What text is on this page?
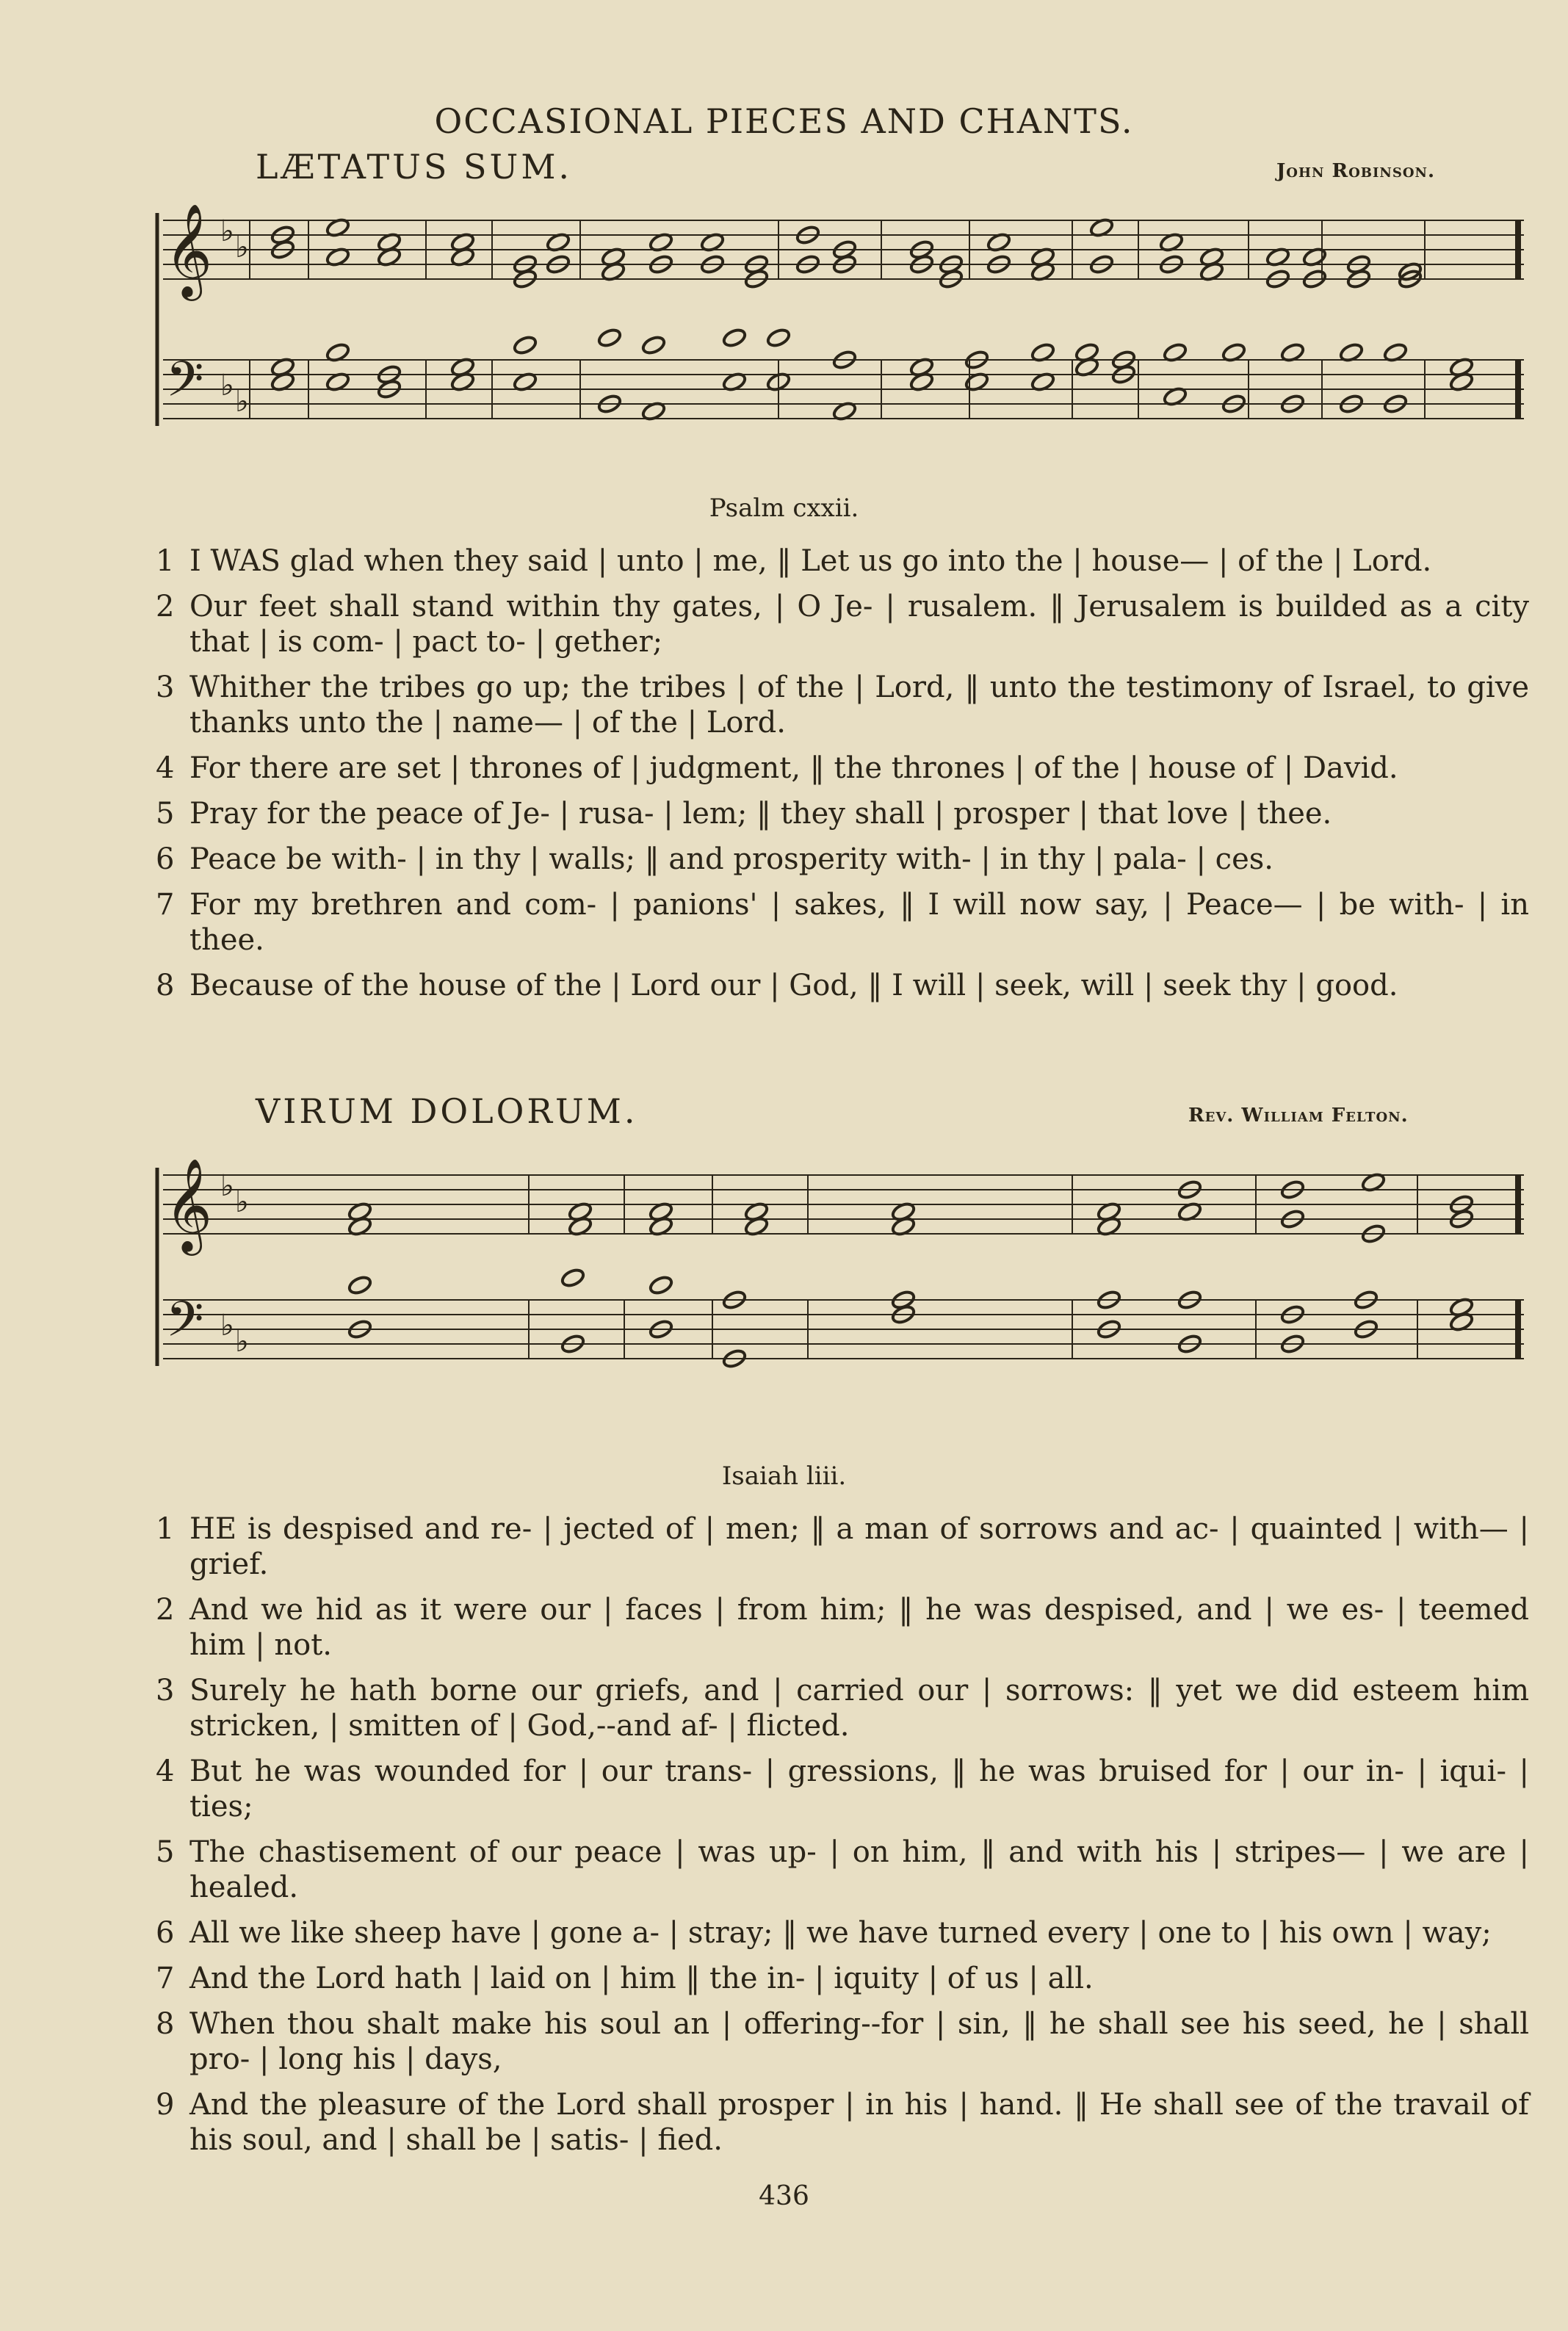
OCCASIONAL PIECES AND CHANTS.
LÆTATUS SUM.	John Robinson.
𝄞
𝄢
♭ ♭
♭ ♭
Psalm cxxii.
1 I WAS glad when they said | unto | me, ‖ Let us go into the | house— | of the | Lord.
2 Our feet shall stand within thy gates, | O Je- | rusalem. ‖ Jerusalem is builded as a city that | is com- | pact to- | gether;
3 Whither the tribes go up; the tribes | of the | Lord, ‖ unto the testimony of Israel, to give thanks unto the | name— | of the | Lord.
4 For there are set | thrones of | judgment, ‖ the thrones | of the | house of | David.
5 Pray for the peace of Je- | rusa- | lem; ‖ they shall | prosper | that love | thee.
6 Peace be with- | in thy | walls; ‖ and prosperity with- | in thy | pala- | ces.
7 For my brethren and com- | panions' | sakes, ‖ I will now say, | Peace— | be with- | in thee.
8 Because of the house of the | Lord our | God, ‖ I will | seek, will | seek thy | good.
VIRUM DOLORUM.	Rev. William Felton.
𝄞
𝄢
♭ ♭
♭ ♭
Isaiah liii.
1 HE is despised and re- | jected of | men; ‖ a man of sorrows and ac- | quainted | with— | grief.
2 And we hid as it were our | faces | from him; ‖ he was despised, and | we es- | teemed him | not.
3 Surely he hath borne our griefs, and | carried our | sorrows: ‖ yet we did esteem him stricken, | smitten of | God,--and af- | flicted.
4 But he was wounded for | our trans- | gressions, ‖ he was bruised for | our in- | iqui- | ties;
5 The chastisement of our peace | was up- | on him, ‖ and with his | stripes— | we are | healed.
6 All we like sheep have | gone a- | stray; ‖ we have turned every | one to | his own | way;
7 And the Lord hath | laid on | him ‖ the in- | iquity | of us | all.
8 When thou shalt make his soul an | offering--for | sin, ‖ he shall see his seed, he | shall pro- | long his | days,
9 And the pleasure of the Lord shall prosper | in his | hand. ‖ He shall see of the travail of his soul, and | shall be | satis- | fied.
436
